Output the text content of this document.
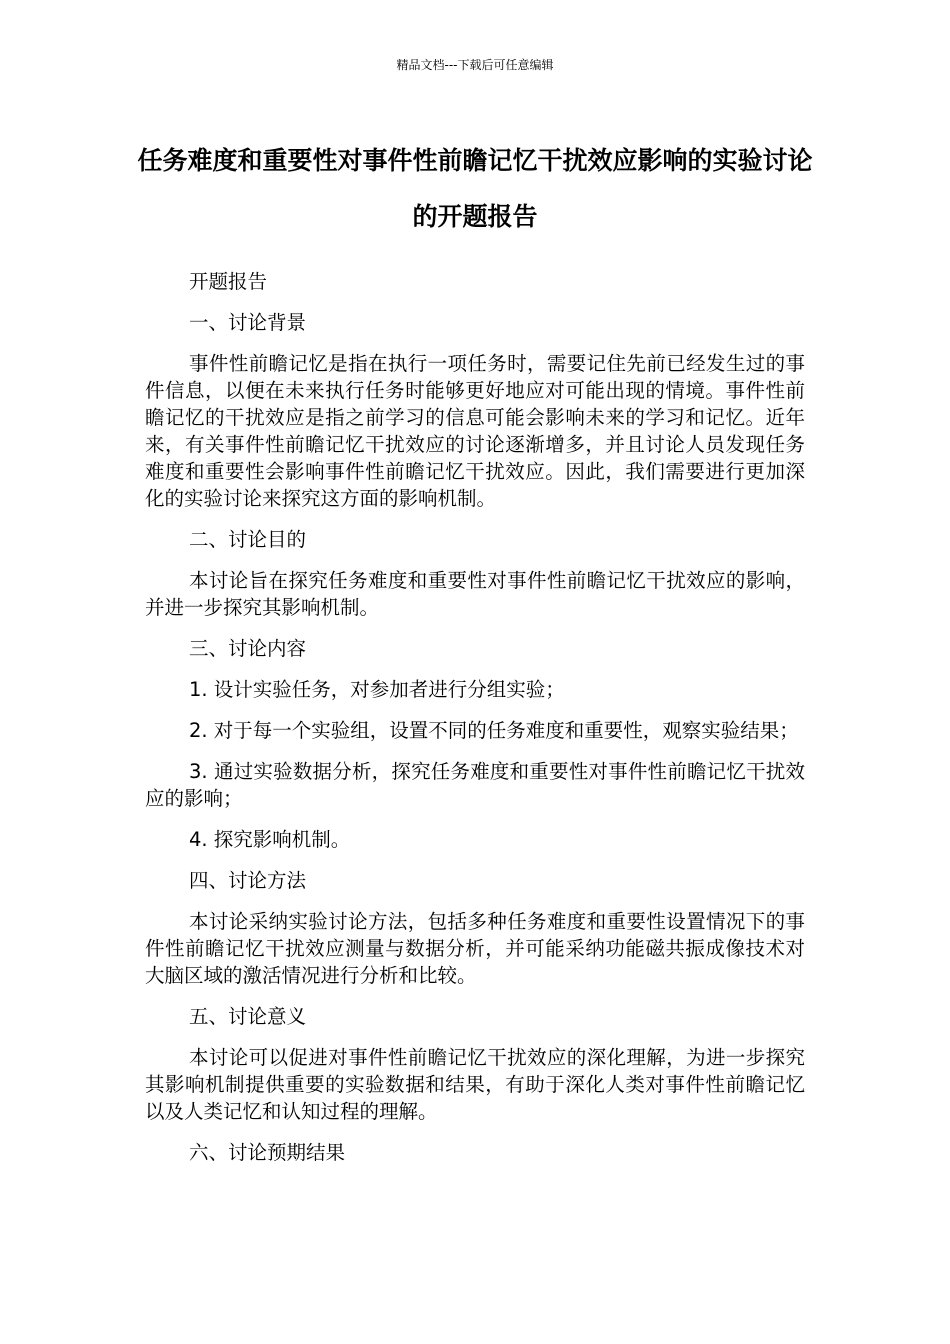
精品文档---下载后可任意编辑
任务难度和重要性对事件性前瞻记忆干扰效应影响的实验讨论的开题报告

开题报告

一、讨论背景

事件性前瞻记忆是指在执行一项任务时，需要记住先前已经发生过的事件信息，以便在未来执行任务时能够更好地应对可能出现的情境。事件性前瞻记忆的干扰效应是指之前学习的信息可能会影响未来的学习和记忆。近年来，有关事件性前瞻记忆干扰效应的讨论逐渐增多，并且讨论人员发现任务难度和重要性会影响事件性前瞻记忆干扰效应。因此，我们需要进行更加深化的实验讨论来探究这方面的影响机制。

二、讨论目的

本讨论旨在探究任务难度和重要性对事件性前瞻记忆干扰效应的影响，并进一步探究其影响机制。

三、讨论内容

1. 设计实验任务，对参加者进行分组实验；

2. 对于每一个实验组，设置不同的任务难度和重要性，观察实验结果；

3. 通过实验数据分析，探究任务难度和重要性对事件性前瞻记忆干扰效应的影响；

4. 探究影响机制。

四、讨论方法

本讨论采纳实验讨论方法，包括多种任务难度和重要性设置情况下的事件性前瞻记忆干扰效应测量与数据分析，并可能采纳功能磁共振成像技术对大脑区域的激活情况进行分析和比较。

五、讨论意义

本讨论可以促进对事件性前瞻记忆干扰效应的深化理解，为进一步探究其影响机制提供重要的实验数据和结果，有助于深化人类对事件性前瞻记忆以及人类记忆和认知过程的理解。

六、讨论预期结果
